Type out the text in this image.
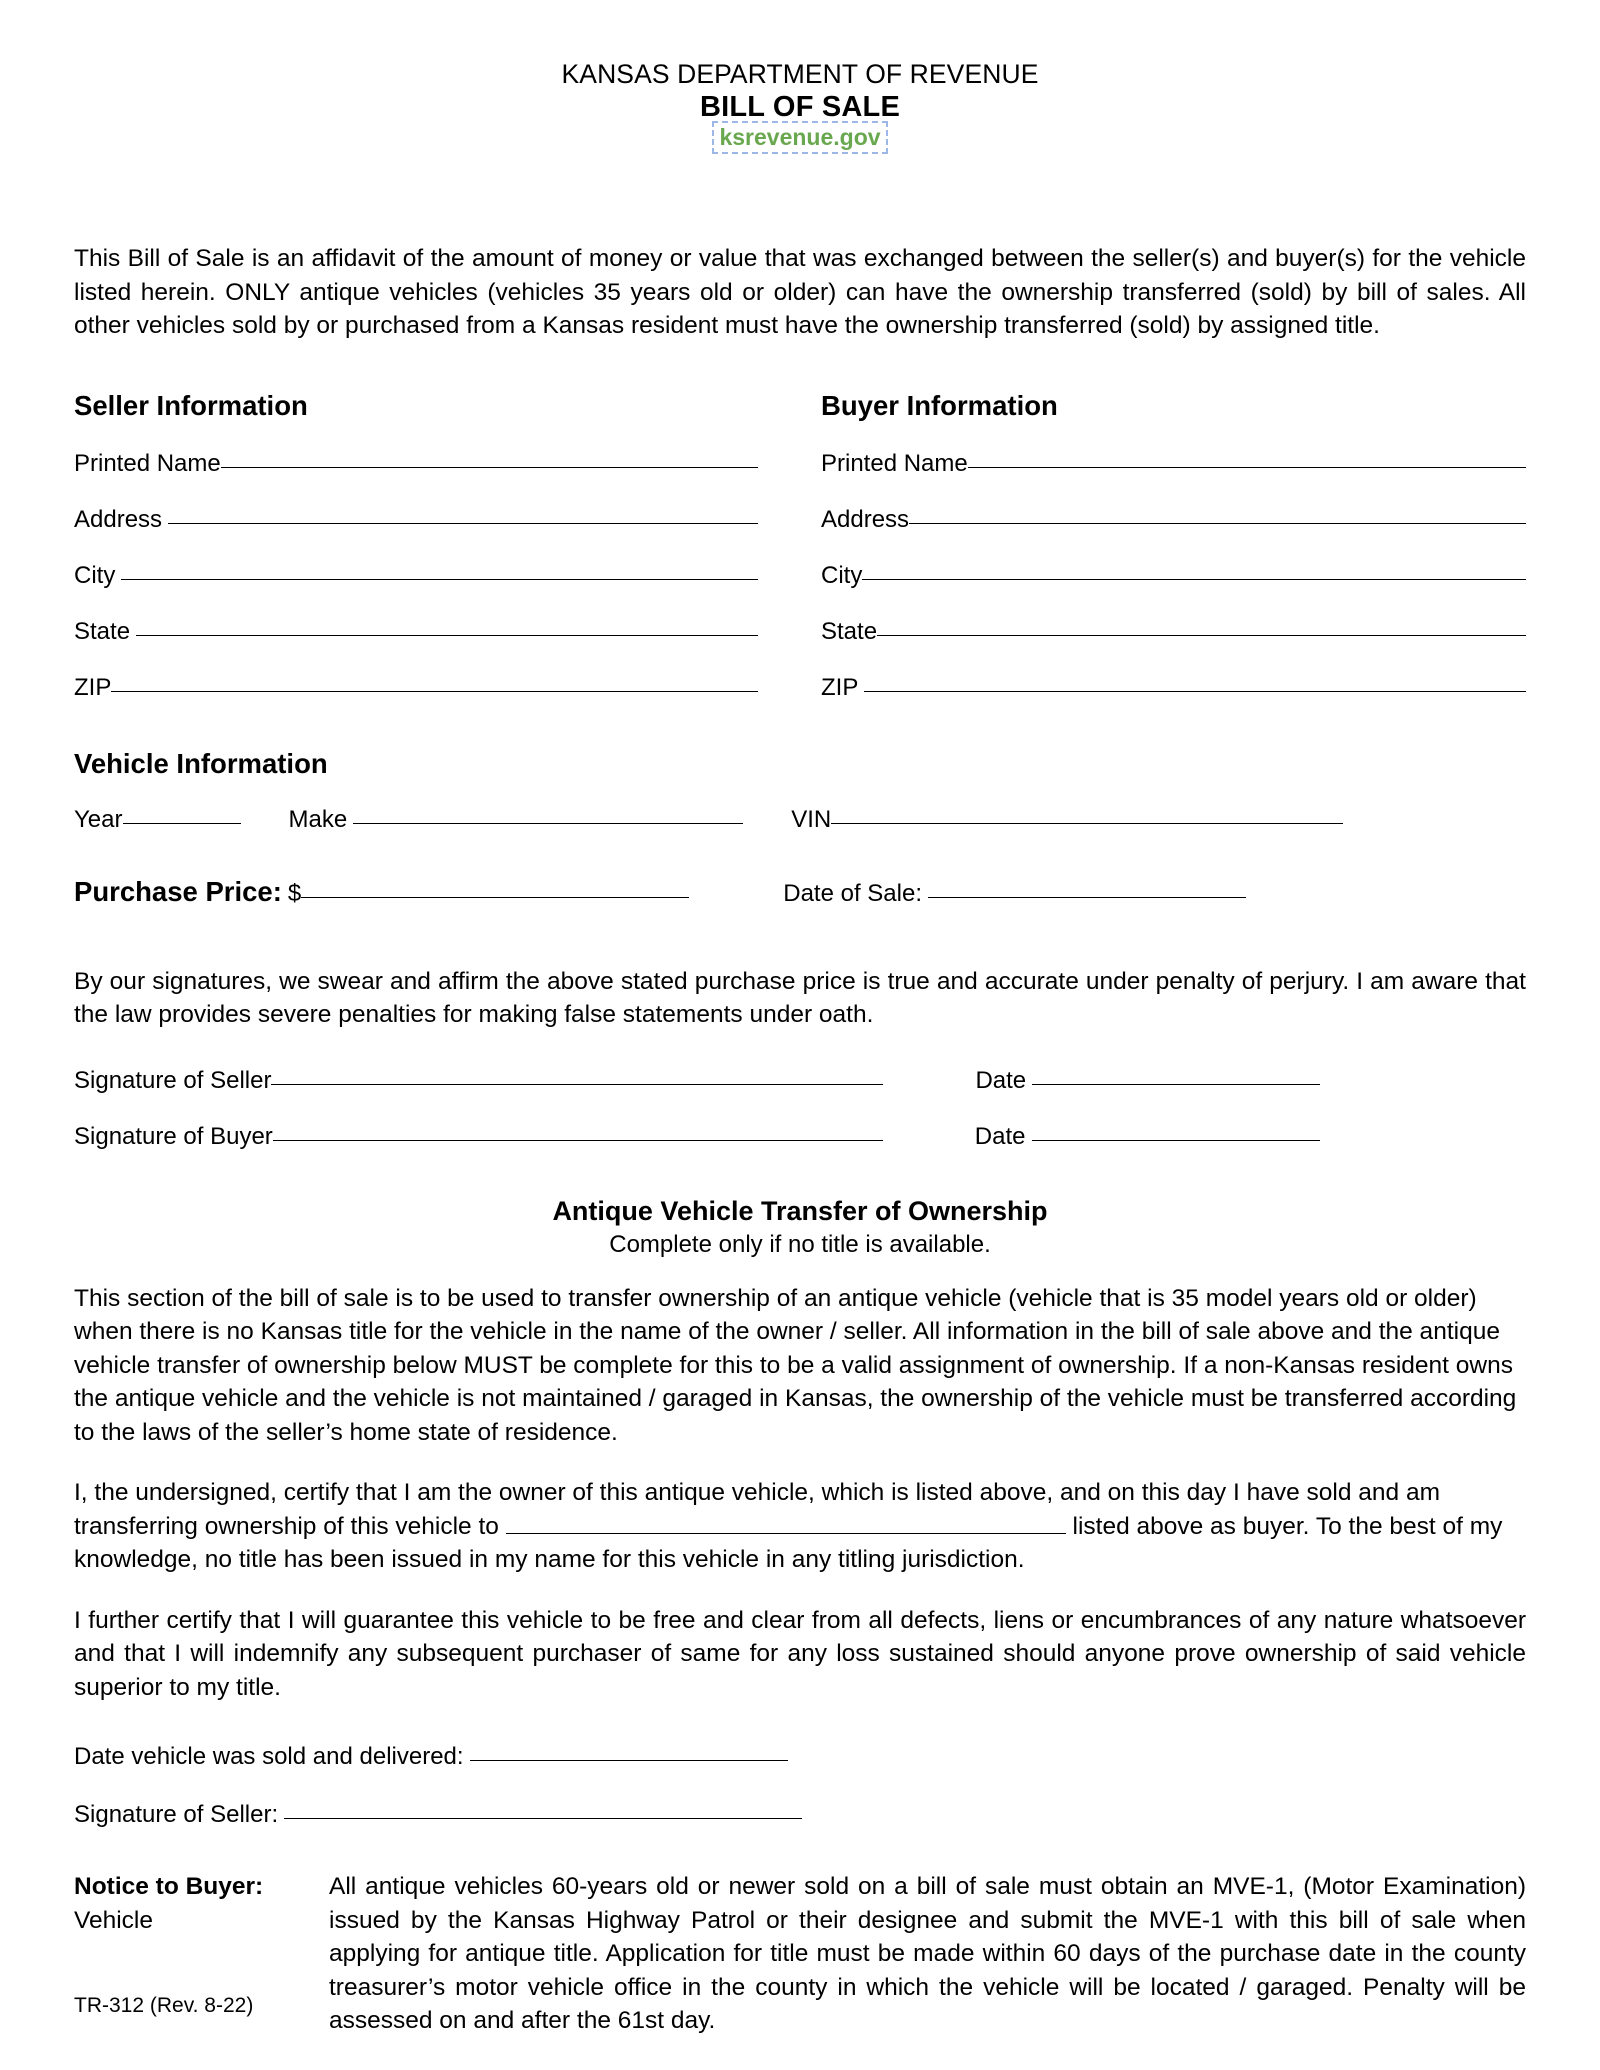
KANSAS DEPARTMENT OF REVENUE
BILL OF SALE
ksrevenue.gov

This Bill of Sale is an affidavit of the amount of money or value that was exchanged between the seller(s) and buyer(s) for the vehicle listed herein. ONLY antique vehicles (vehicles 35 years old or older) can have the ownership transferred (sold) by bill of sales. All other vehicles sold by or purchased from a Kansas resident must have the ownership transferred (sold) by assigned title.

Seller Information
Printed Name
Address
City
State
ZIP
Buyer Information
Printed Name
Address
City
State
ZIP
Vehicle Information
Year	Make	VIN
Purchase Price: $	Date of Sale:

By our signatures, we swear and affirm the above stated purchase price is true and accurate under penalty of perjury. I am aware that the law provides severe penalties for making false statements under oath.

Signature of Seller	Date
Signature of Buyer	Date
Antique Vehicle Transfer of Ownership
Complete only if no title is available.

This section of the bill of sale is to be used to transfer ownership of an antique vehicle (vehicle that is 35 model years old or older) when there is no Kansas title for the vehicle in the name of the owner / seller. All information in the bill of sale above and the antique vehicle transfer of ownership below MUST be complete for this to be a valid assignment of ownership. If a non-Kansas resident owns the antique vehicle and the vehicle is not maintained / garaged in Kansas, the ownership of the vehicle must be transferred according to the laws of the seller’s home state of residence.

I, the undersigned, certify that I am the owner of this antique vehicle, which is listed above, and on this day I have sold and am transferring ownership of this vehicle to	listed above as buyer. To the best of my knowledge, no title has been issued in my name for this vehicle in any titling jurisdiction.

I further certify that I will guarantee this vehicle to be free and clear from all defects, liens or encumbrances of any nature whatsoever and that I will indemnify any subsequent purchaser of same for any loss sustained should anyone prove ownership of said vehicle superior to my title.

Date vehicle was sold and delivered:
Signature of Seller:
Notice to Buyer:
Vehicle
All antique vehicles 60-years old or newer sold on a bill of sale must obtain an MVE-1, (Motor Examination) issued by the Kansas Highway Patrol or their designee and submit the MVE-1 with this bill of sale when applying for antique title. Application for title must be made within 60 days of the purchase date in the county treasurer’s motor vehicle office in the county in which the vehicle will be located / garaged. Penalty will be assessed on and after the 61st day.
TR-312 (Rev. 8-22)
